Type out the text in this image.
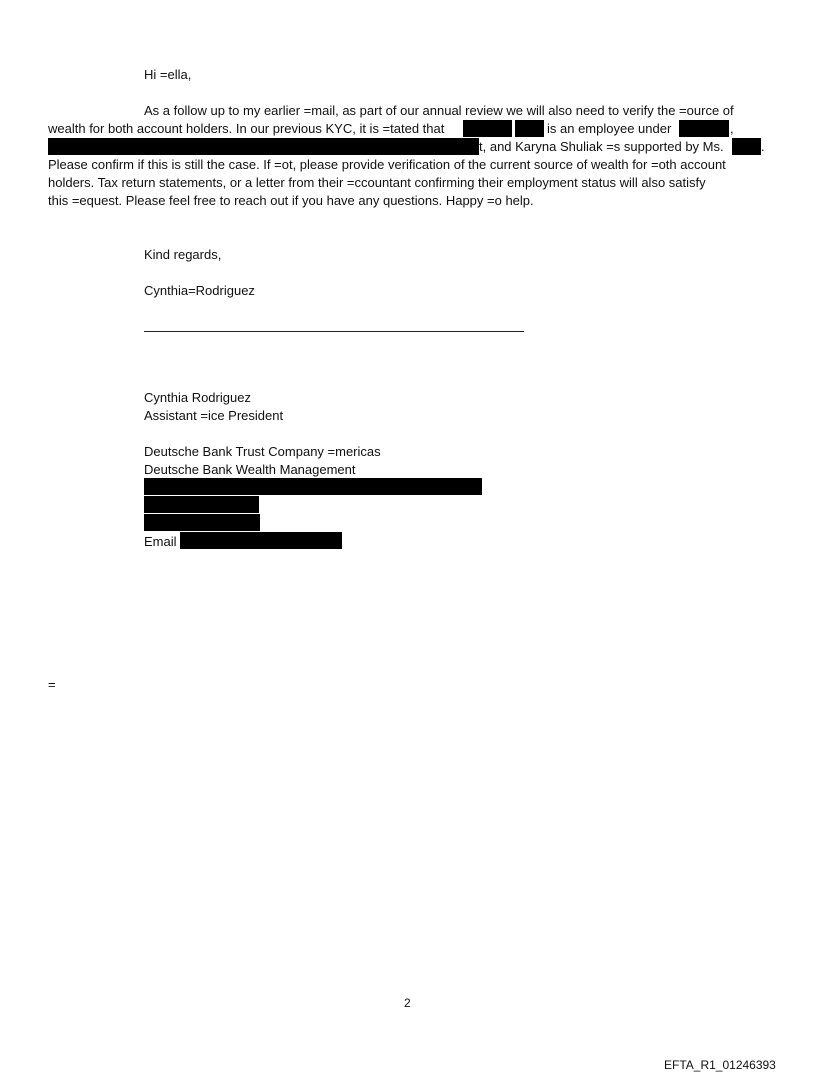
Hi =ella,
As a follow up to my earlier =mail, as part of our annual review we will also need to verify the =ource of
wealth for both account holders. In our previous KYC, it is =tated that	is an employee under	,
t, and Karyna Shuliak =s supported by Ms.	.
Please confirm if this is still the case. If =ot, please provide verification of the current source of wealth for =oth account
holders. Tax return statements, or a letter from their =ccountant confirming their employment status will also satisfy
this =equest. Please feel free to reach out if you have any questions. Happy =o help.
Kind regards,
Cynthia=Rodriguez
Cynthia Rodriguez
Assistant =ice President
Deutsche Bank Trust Company =mericas
Deutsche Bank Wealth Management
Email
=
2
EFTA_R1_01246393
